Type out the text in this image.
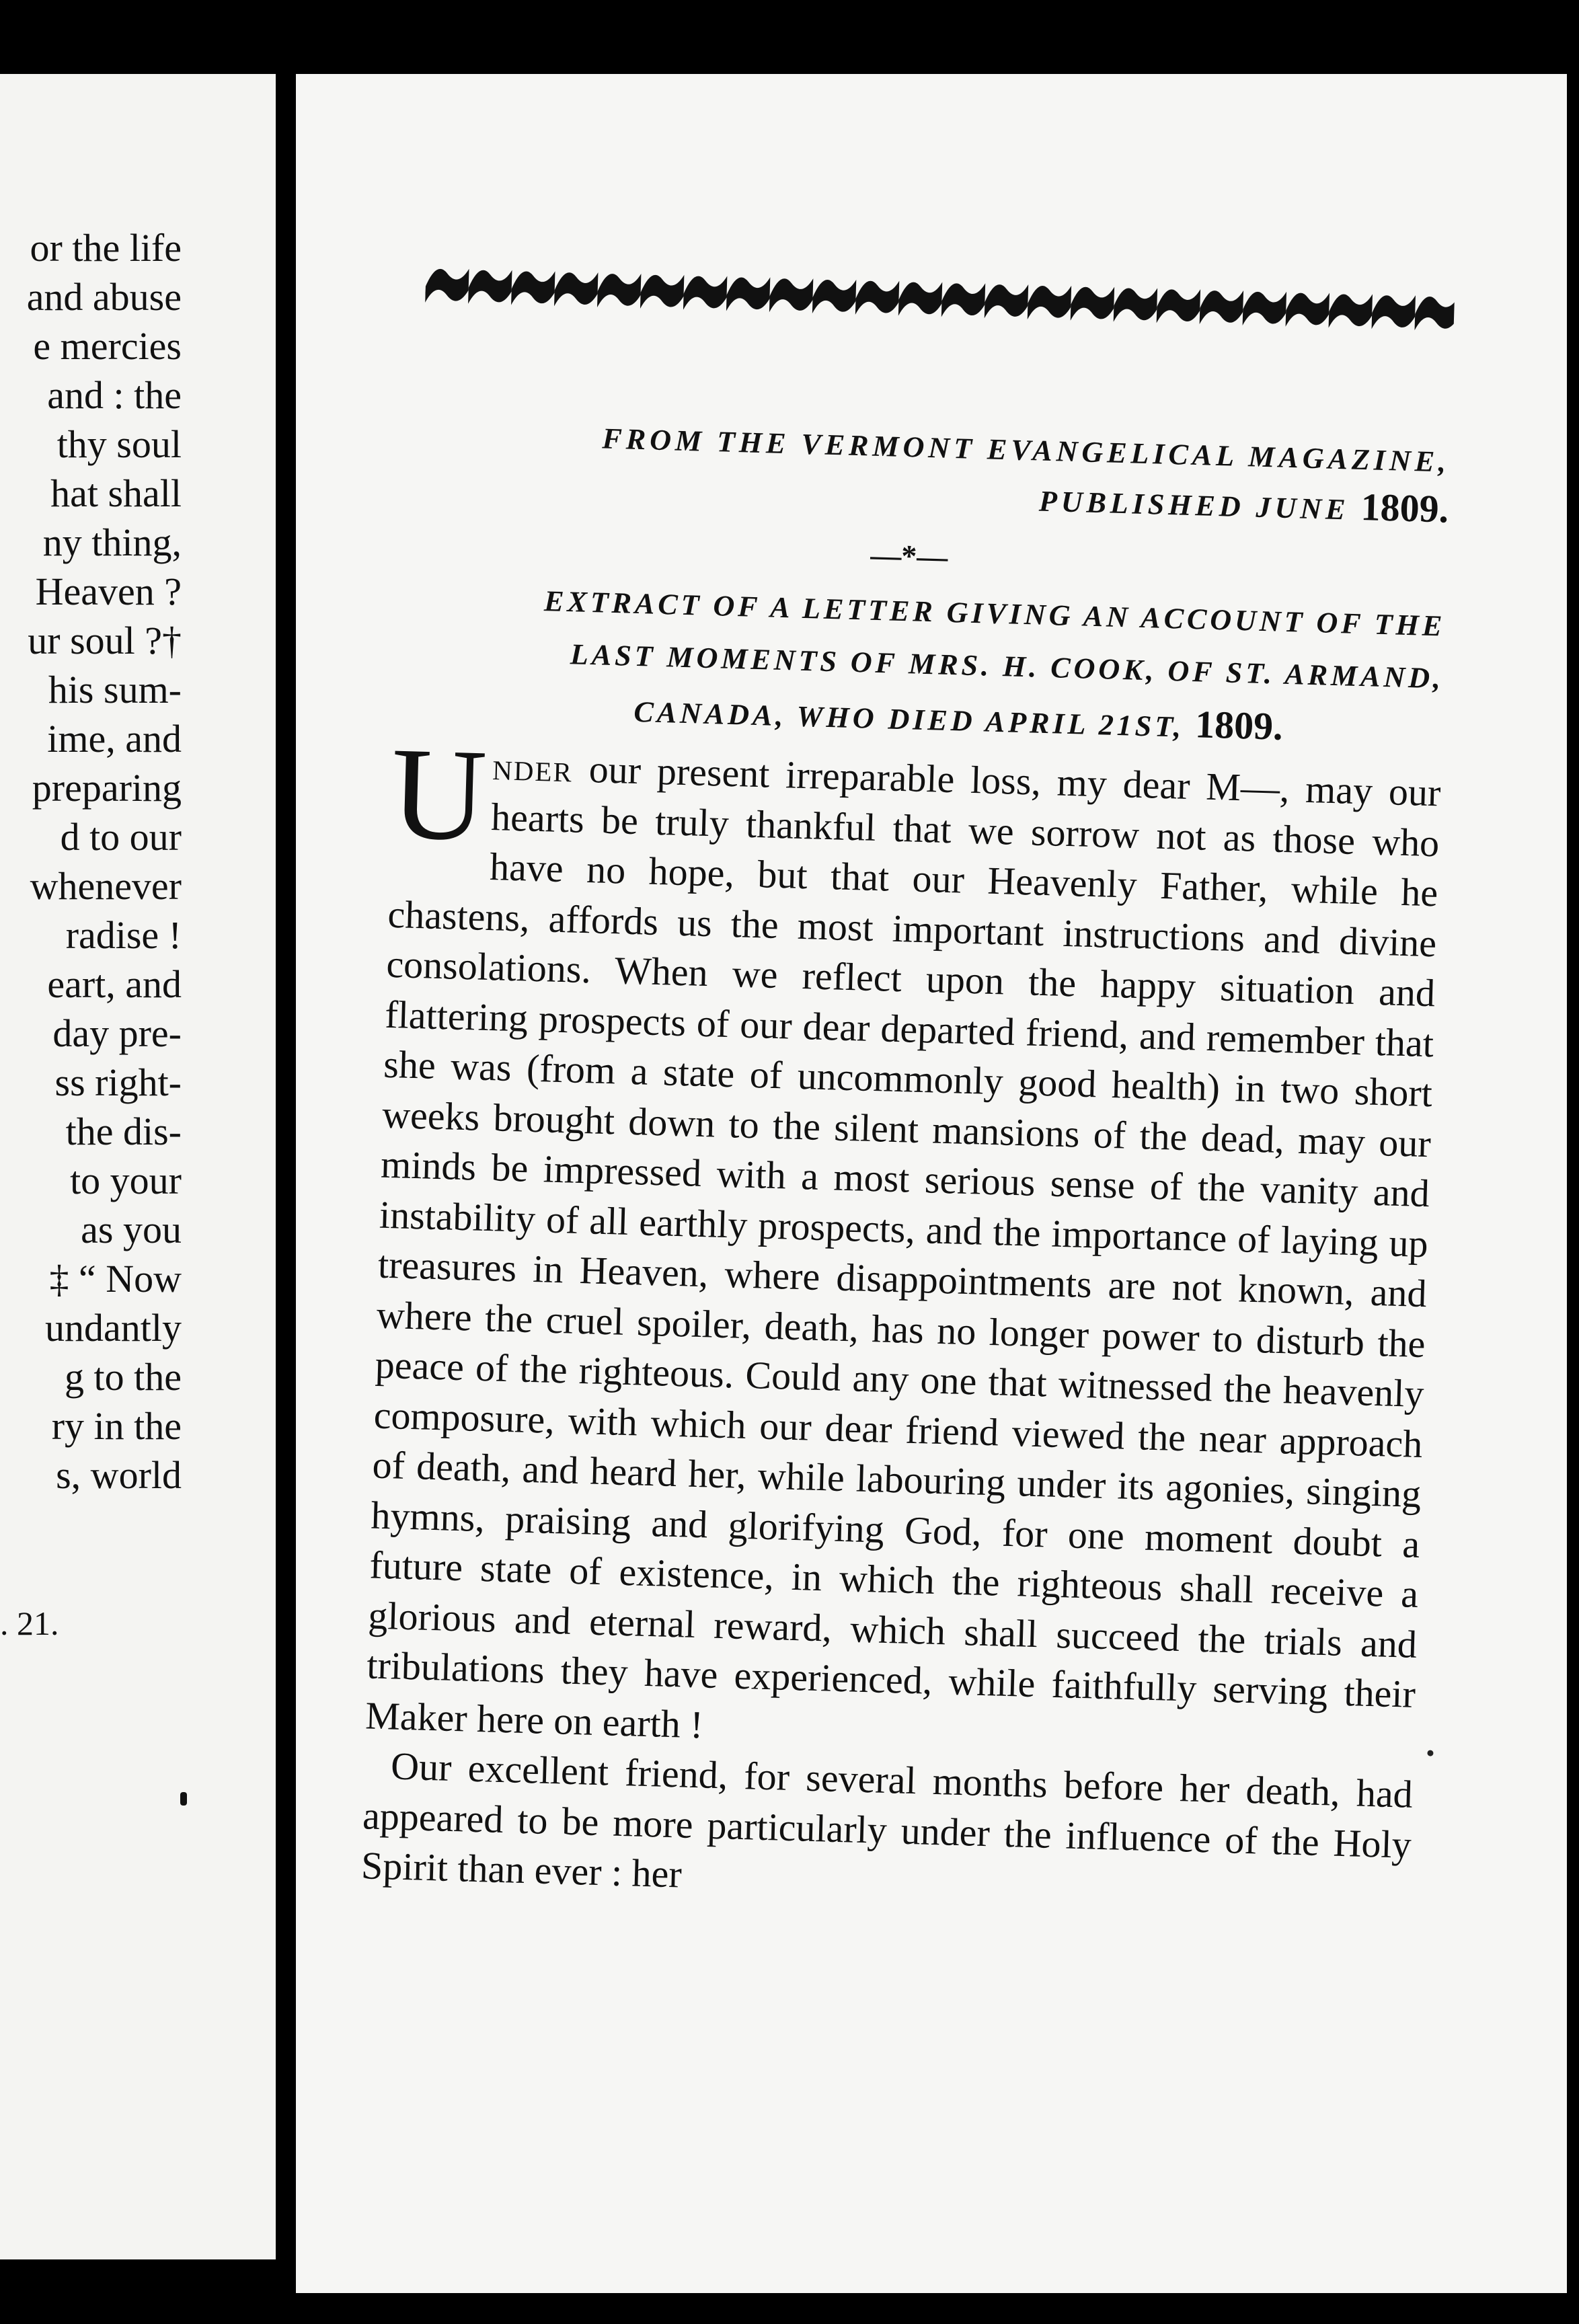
or the life
and abuse
e mercies
and : the
thy soul
hat shall
ny thing,
Heaven ?
ur soul ?†
his sum-
ime, and
preparing
d to our
whenever
radise !
eart, and
day pre-
ss right-
the dis-
to your
as you
‡ “ Now
undantly
g to the
ry in the
s, world
. 21.
FROM THE VERMONT EVANGELICAL MAGAZINE,
PUBLISHED JUNE 1809.
—*—
EXTRACT OF A LETTER GIVING AN ACCOUNT OF THE
LAST MOMENTS OF MRS. H. COOK, OF ST. ARMAND,
CANADA, WHO DIED APRIL 21ST, 1809.

Under our present irreparable loss, my dear M—, may our hearts be truly thankful that we sorrow not as those who have no hope, but that our Heavenly Father, while he chastens, affords us the most important instructions and divine consolations. When we reflect upon the happy situation and flattering prospects of our dear departed friend, and remember that she was (from a state of uncommonly good health) in two short weeks brought down to the silent mansions of the dead, may our minds be impressed with a most serious sense of the vanity and instability of all earthly prospects, and the importance of laying up treasures in Heaven, where disappointments are not known, and where the cruel spoiler, death, has no longer power to disturb the peace of the righteous. Could any one that witnessed the heavenly composure, with which our dear friend viewed the near approach of death, and heard her, while labouring under its agonies, singing hymns, praising and glorifying God, for one moment doubt a future state of existence, in which the righteous shall receive a glorious and eternal reward, which shall succeed the trials and tribulations they have experienced, while faithfully serving their Maker here on earth !

Our excellent friend, for several months before her death, had appeared to be more particularly under the influence of the Holy Spirit than ever : her
